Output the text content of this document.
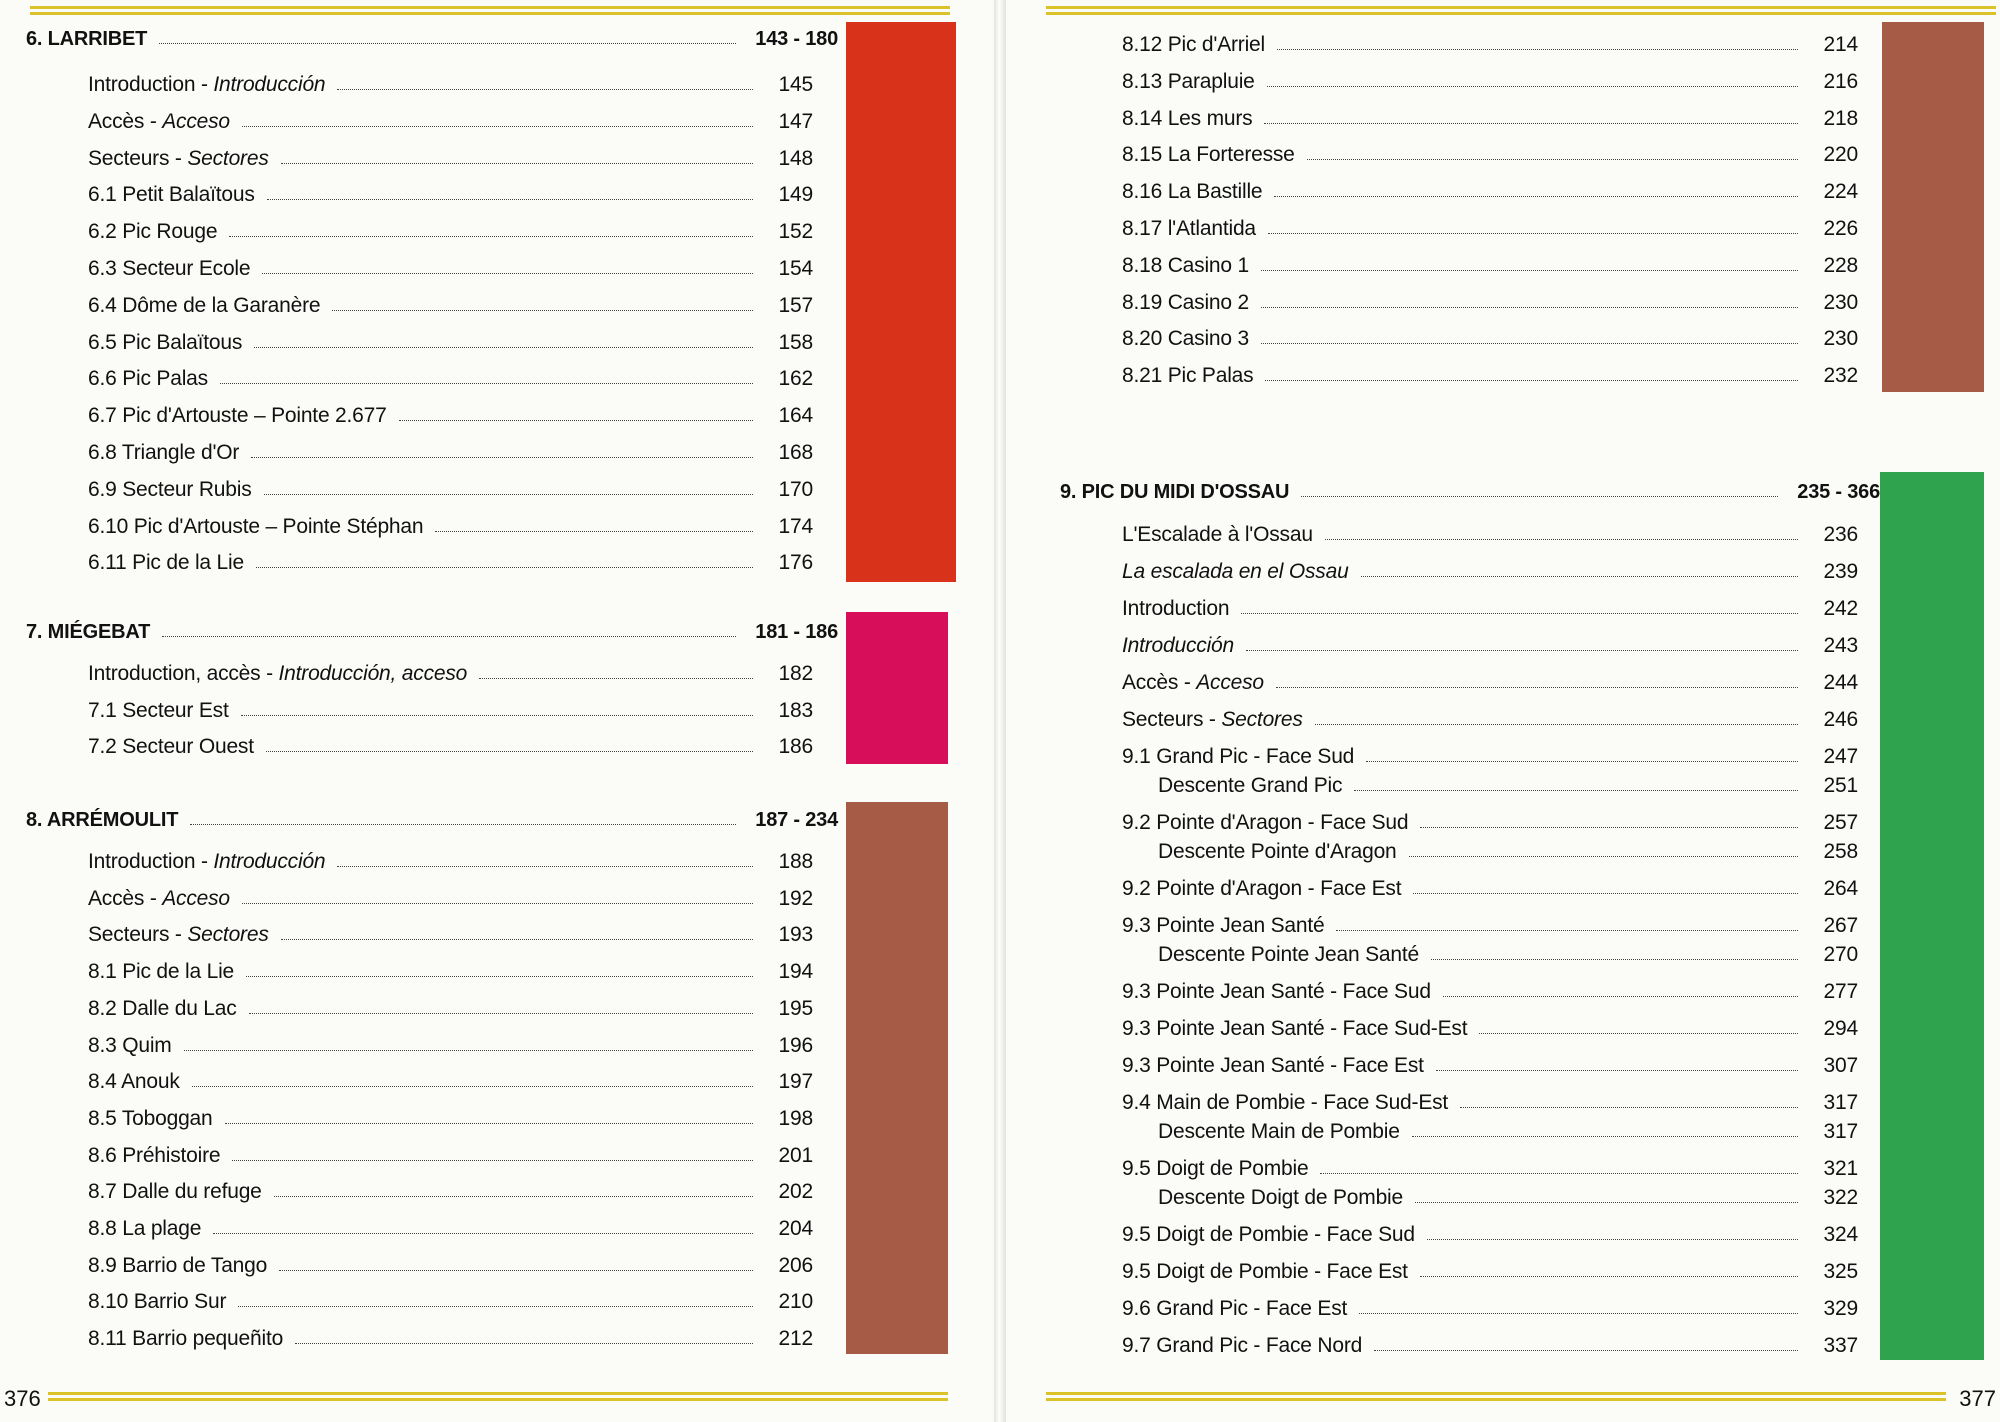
6. LARRIBET	143 - 180
Introduction - Introducción	145
Accès - Acceso	147
Secteurs - Sectores	148
6.1 Petit Balaïtous	149
6.2 Pic Rouge	152
6.3 Secteur Ecole	154
6.4 Dôme de la Garanère	157
6.5 Pic Balaïtous	158
6.6 Pic Palas	162
6.7 Pic d'Artouste – Pointe 2.677	164
6.8 Triangle d'Or	168
6.9 Secteur Rubis	170
6.10 Pic d'Artouste – Pointe Stéphan	174
6.11 Pic de la Lie	176
7. MIÉGEBAT	181 - 186
Introduction, accès - Introducción, acceso	182
7.1 Secteur Est	183
7.2 Secteur Ouest	186
8. ARRÉMOULIT	187 - 234
Introduction - Introducción	188
Accès - Acceso	192
Secteurs - Sectores	193
8.1 Pic de la Lie	194
8.2 Dalle du Lac	195
8.3 Quim	196
8.4 Anouk	197
8.5 Toboggan	198
8.6 Préhistoire	201
8.7 Dalle du refuge	202
8.8 La plage	204
8.9 Barrio de Tango	206
8.10 Barrio Sur	210
8.11 Barrio pequeñito	212
376
8.12 Pic d'Arriel	214
8.13 Parapluie	216
8.14 Les murs	218
8.15 La Forteresse	220
8.16 La Bastille	224
8.17 l'Atlantida	226
8.18 Casino 1	228
8.19 Casino 2	230
8.20 Casino 3	230
8.21 Pic Palas	232
9. PIC DU MIDI D'OSSAU	235 - 366
L'Escalade à l'Ossau	236
La escalada en el Ossau	239
Introduction	242
Introducción	243
Accès - Acceso	244
Secteurs - Sectores	246
9.1 Grand Pic - Face Sud	247
Descente Grand Pic	251
9.2 Pointe d'Aragon - Face Sud	257
Descente Pointe d'Aragon	258
9.2 Pointe d'Aragon - Face Est	264
9.3 Pointe Jean Santé	267
Descente Pointe Jean Santé	270
9.3 Pointe Jean Santé - Face Sud	277
9.3 Pointe Jean Santé - Face Sud-Est	294
9.3 Pointe Jean Santé - Face Est	307
9.4 Main de Pombie - Face Sud-Est	317
Descente Main de Pombie	317
9.5 Doigt de Pombie	321
Descente Doigt de Pombie	322
9.5 Doigt de Pombie - Face Sud	324
9.5 Doigt de Pombie - Face Est	325
9.6 Grand Pic - Face Est	329
9.7 Grand Pic - Face Nord	337
377
